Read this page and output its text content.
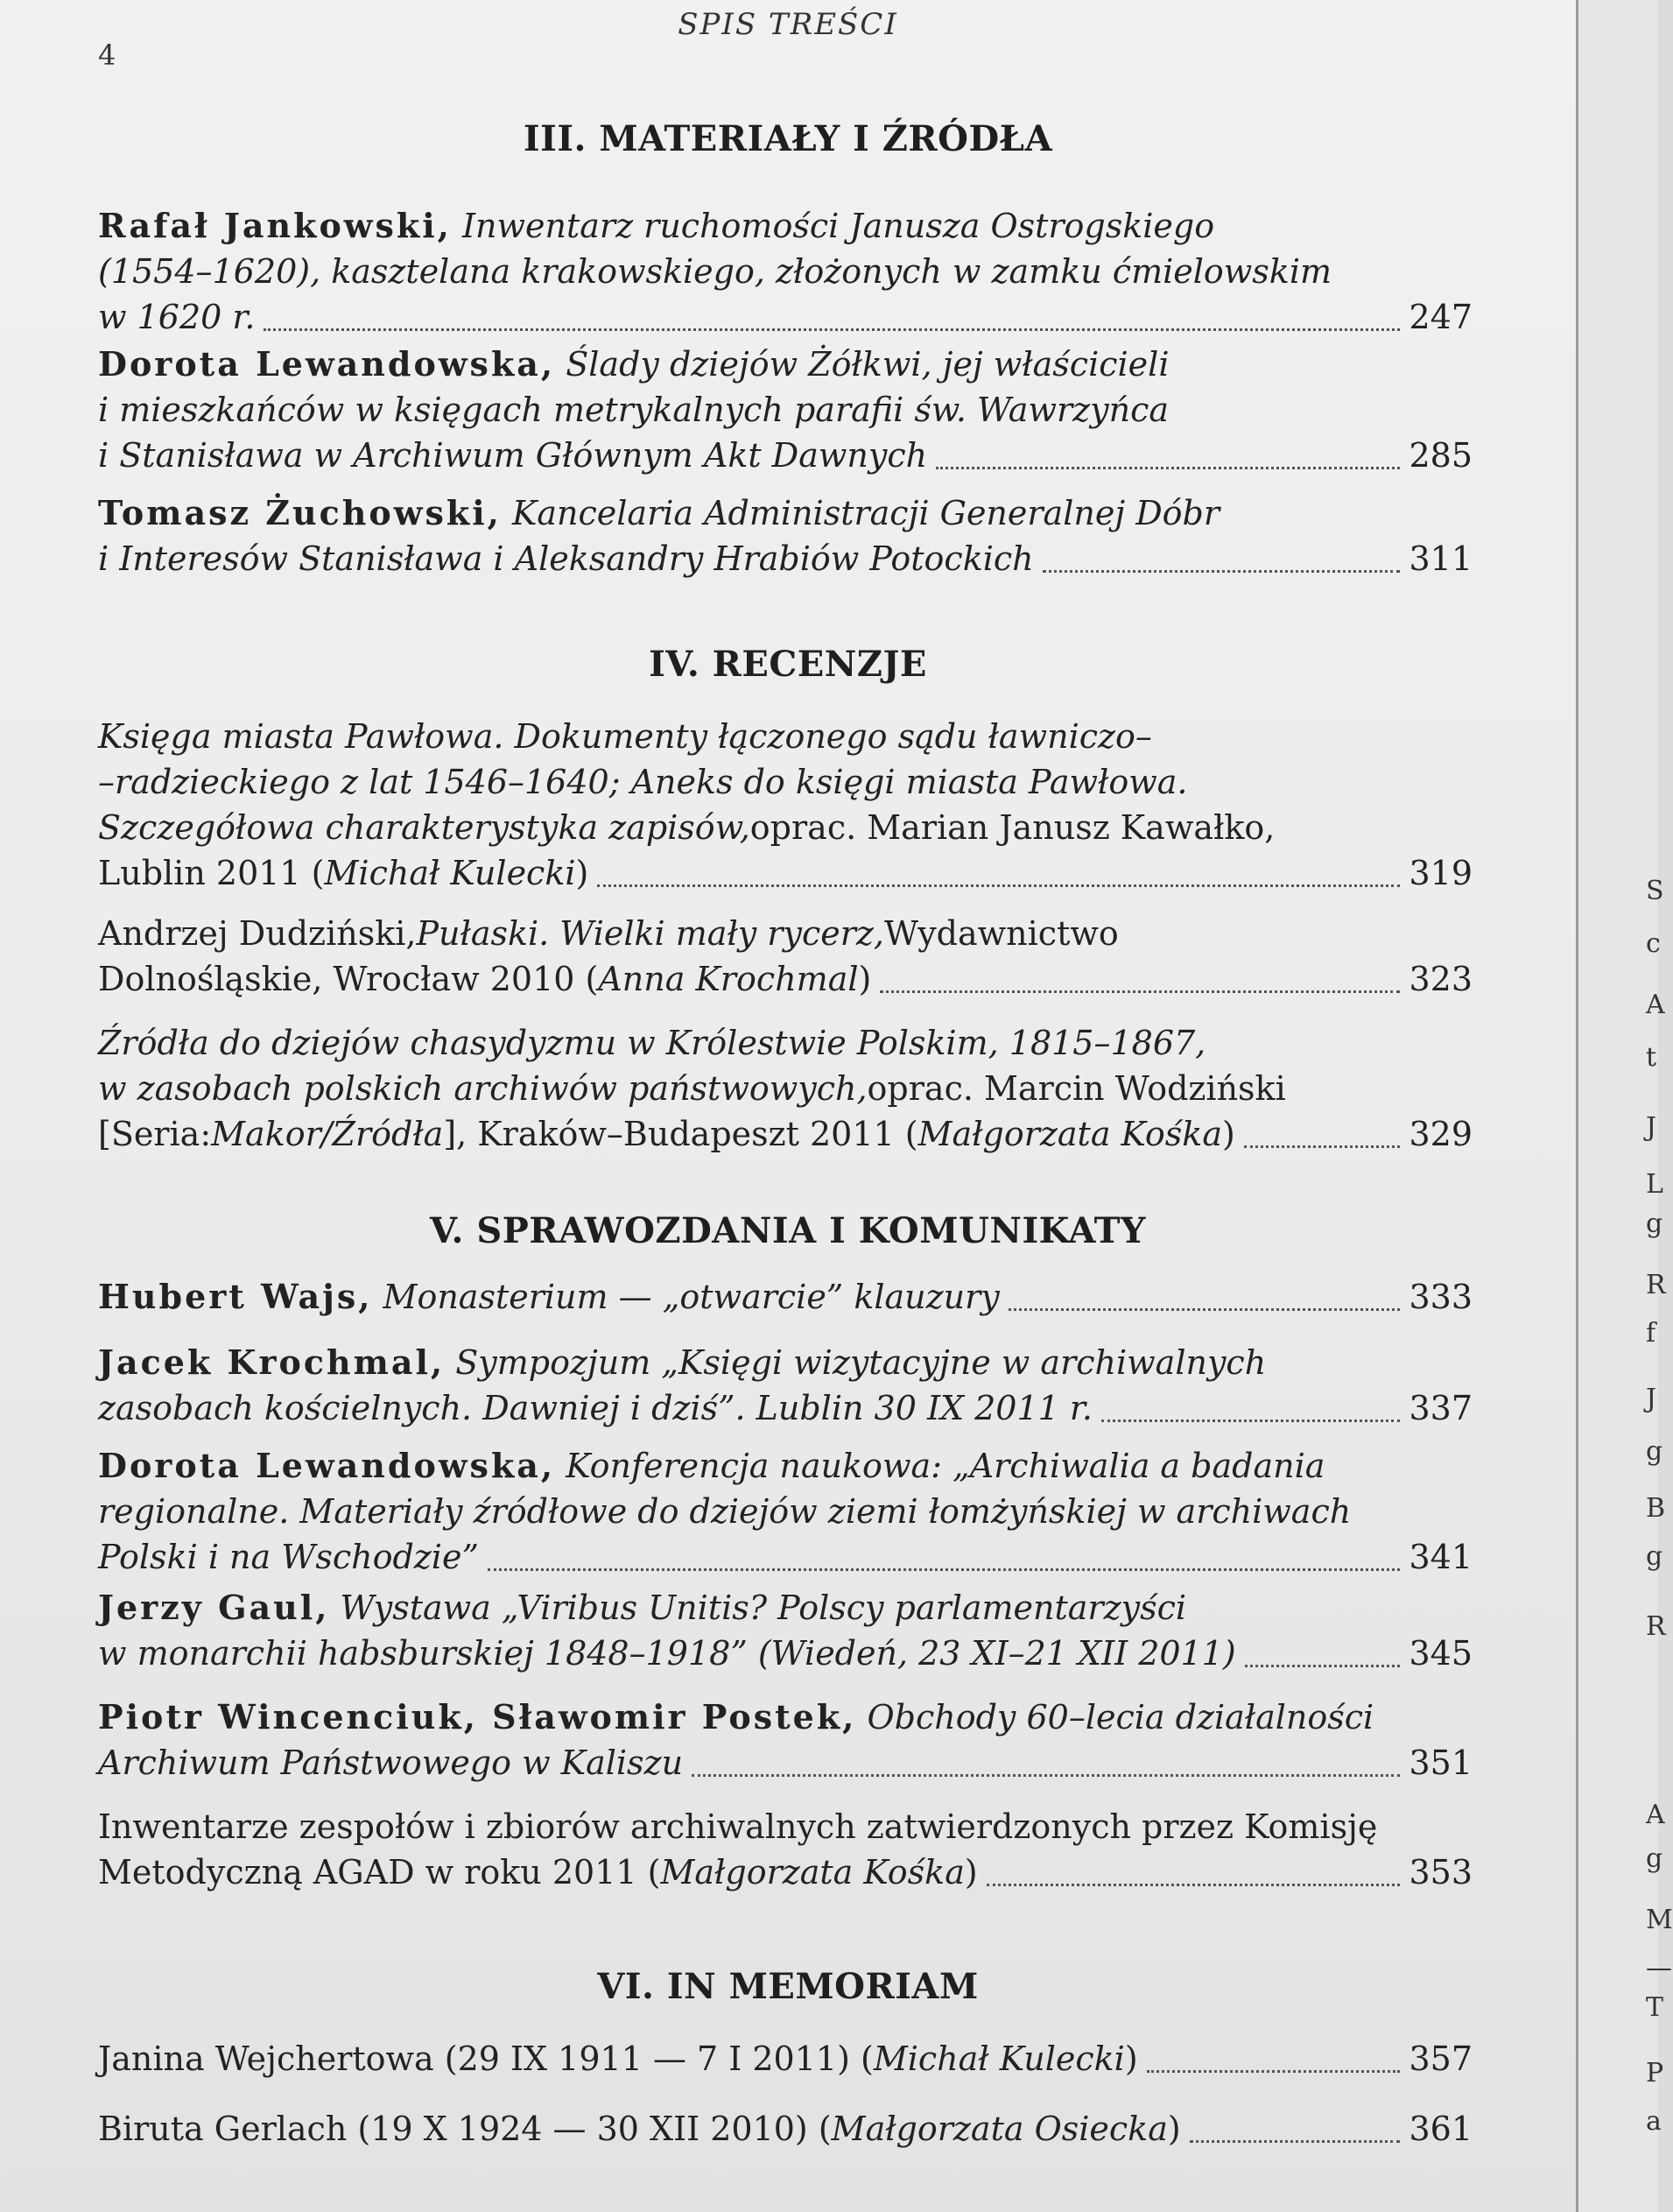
SPIS TREŚCI
4
III. MATERIAŁY I ŹRÓDŁA
Rafał Jankowski,
Inwentarz ruchomości Janusza Ostrogskiego
(1554–1620), kasztelana krakowskiego, złożonych w zamku ćmielowskim
w 1620 r.	247
Dorota Lewandowska,
Ślady dziejów Żółkwi, jej właścicieli
i mieszkańców w księgach metrykalnych parafii św. Wawrzyńca
i Stanisława w Archiwum Głównym Akt Dawnych	285
Tomasz Żuchowski,
Kancelaria Administracji Generalnej Dóbr
i Interesów Stanisława i Aleksandry Hrabiów Potockich	311
IV. RECENZJE
Księga miasta Pawłowa. Dokumenty łączonego sądu ławniczo–
–radzieckiego z lat 1546–1640; Aneks do księgi miasta Pawłowa.
Szczegółowa charakterystyka zapisów, oprac. Marian Janusz Kawałko,
Lublin 2011 ( Michał Kulecki )	319
Andrzej Dudziński, Pułaski. Wielki mały rycerz, Wydawnictwo
Dolnośląskie, Wrocław 2010 ( Anna Krochmal )	323
Źródła do dziejów chasydyzmu w Królestwie Polskim, 1815–1867,
w zasobach polskich archiwów państwowych, oprac. Marcin Wodziński
[Seria: Makor/Źródła ], Kraków–Budapeszt 2011 ( Małgorzata Kośka )	329
V. SPRAWOZDANIA I KOMUNIKATY
Hubert Wajs,
Monasterium — „otwarcie” klauzury	333
Jacek Krochmal,
Sympozjum „Księgi wizytacyjne w archiwalnych
zasobach kościelnych. Dawniej i dziś”. Lublin 30 IX 2011 r.	337
Dorota Lewandowska,
Konferencja naukowa: „Archiwalia a badania
regionalne. Materiały źródłowe do dziejów ziemi łomżyńskiej w archiwach
Polski i na Wschodzie”	341
Jerzy Gaul,
Wystawa „Viribus Unitis? Polscy parlamentarzyści
w monarchii habsburskiej 1848–1918” (Wiedeń, 23 XI–21 XII 2011)	345
Piotr Wincenciuk, Sławomir Postek,
Obchody 60–lecia działalności
Archiwum Państwowego w Kaliszu	351
Inwentarze zespołów i zbiorów archiwalnych zatwierdzonych przez Komisję
Metodyczną AGAD w roku 2011 ( Małgorzata Kośka )	353
VI. IN MEMORIAM
Janina Wejchertowa (29 IX 1911 — 7 I 2011) ( Michał Kulecki )	357
Biruta Gerlach (19 X 1924 — 30 XII 2010) ( Małgorzata Osiecka )	361
S
c
A
t
J
L
g
R
f
J
g
B
g
R
A
g
M
—
T
P
a
